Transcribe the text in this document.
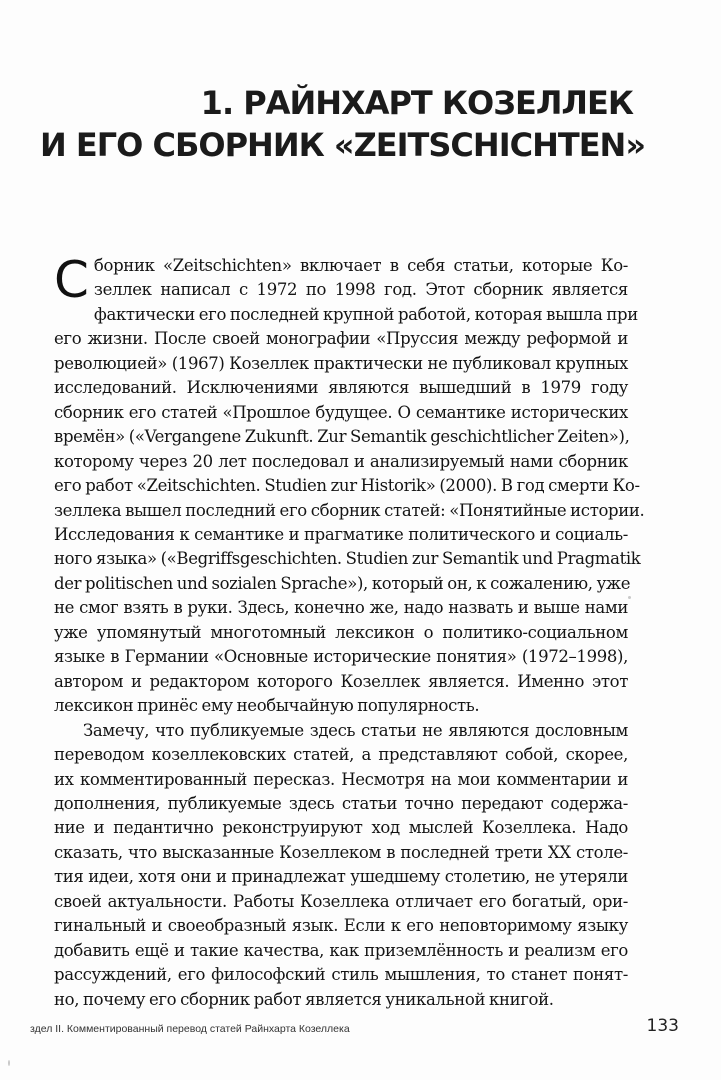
1. РАЙНХАРТ КОЗЕЛЛЕК
И ЕГО СБОРНИК «ZEITSCHICHTEN»
С борник «Zeitschichten» включает в себя статьи, которые Ко-
зеллек написал с 1972 по 1998 год. Этот сборник является
фактически его последней крупной работой, которая вышла при
его жизни. После своей монографии «Пруссия между реформой и
революцией» (1967) Козеллек практически не публиковал крупных
исследований. Исключениями являются вышедший в 1979 году
сборник его статей «Прошлое будущее. О семантике исторических
времён» («Vergangene Zukunft. Zur Semantik geschichtlicher Zeiten»),
которому через 20 лет последовал и анализируемый нами сборник
его работ «Zeitschichten. Studien zur Historik» (2000). В год смерти Ко-
зеллека вышел последний его сборник статей: «Понятийные истории.
Исследования к семантике и прагматике политического и социаль-
ного языка» («Begriffsgeschichten. Studien zur Semantik und Pragmatik
der politischen und sozialen Sprache»), который он, к сожалению, уже
не смог взять в руки. Здесь, конечно же, надо назвать и выше нами
уже упомянутый многотомный лексикон о политико-социальном
языке в Германии «Основные исторические понятия» (1972–1998),
автором и редактором которого Козеллек является. Именно этот
лексикон принёс ему необычайную популярность.
Замечу, что публикуемые здесь статьи не являются дословным
переводом козеллековских статей, а представляют собой, скорее,
их комментированный пересказ. Несмотря на мои комментарии и
дополнения, публикуемые здесь статьи точно передают содержа-
ние и педантично реконструируют ход мыслей Козеллека. Надо
сказать, что высказанные Козеллеком в последней трети XX столе-
тия идеи, хотя они и принадлежат ушедшему столетию, не утеряли
своей актуальности. Работы Козеллека отличает его богатый, ори-
гинальный и своеобразный язык. Если к его неповторимому языку
добавить ещё и такие качества, как приземлённость и реализм его
рассуждений, его философский стиль мышления, то станет понят-
но, почему его сборник работ является уникальной книгой.
здел II. Комментированный перевод статей Райнхарта Козеллека	133
